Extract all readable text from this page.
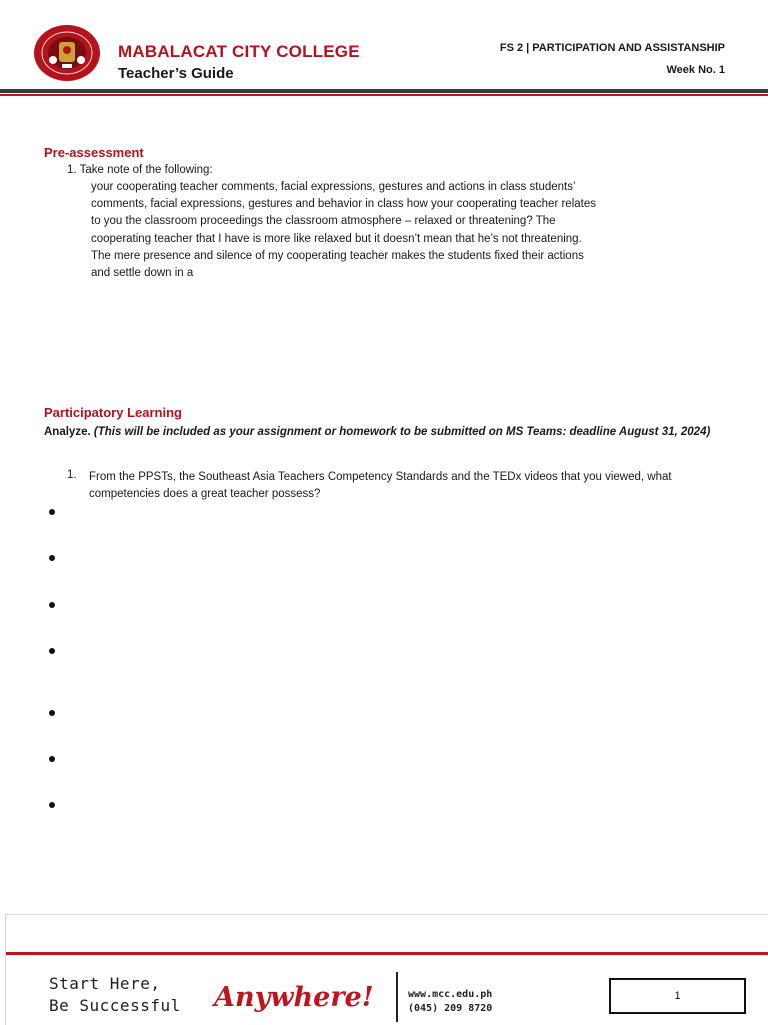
MABALACAT CITY COLLEGE
Teacher’s Guide
FS 2 | PARTICIPATION AND ASSISTANSHIP
Week No. 1
Pre-assessment
1. Take note of the following:
your cooperating teacher comments, facial expressions, gestures and actions in class students’ comments, facial expressions, gestures and behavior in class how your cooperating teacher relates to you the classroom proceedings the classroom atmosphere – relaxed or threatening? The cooperating teacher that I have is more like relaxed but it doesn’t mean that he’s not threatening. The mere presence and silence of my cooperating teacher makes the students fixed their actions and settle down in a
Participatory Learning
Analyze. (This will be included as your assignment or homework to be submitted on MS Teams: deadline August 31, 2024)
1. From the PPSTs, the Southeast Asia Teachers Competency Standards and the TEDx videos that you viewed, what competencies does a great teacher possess?
Start Here,
Be Successful Anywhere!	www.mcc.edu.ph
(045) 209 8720
1
